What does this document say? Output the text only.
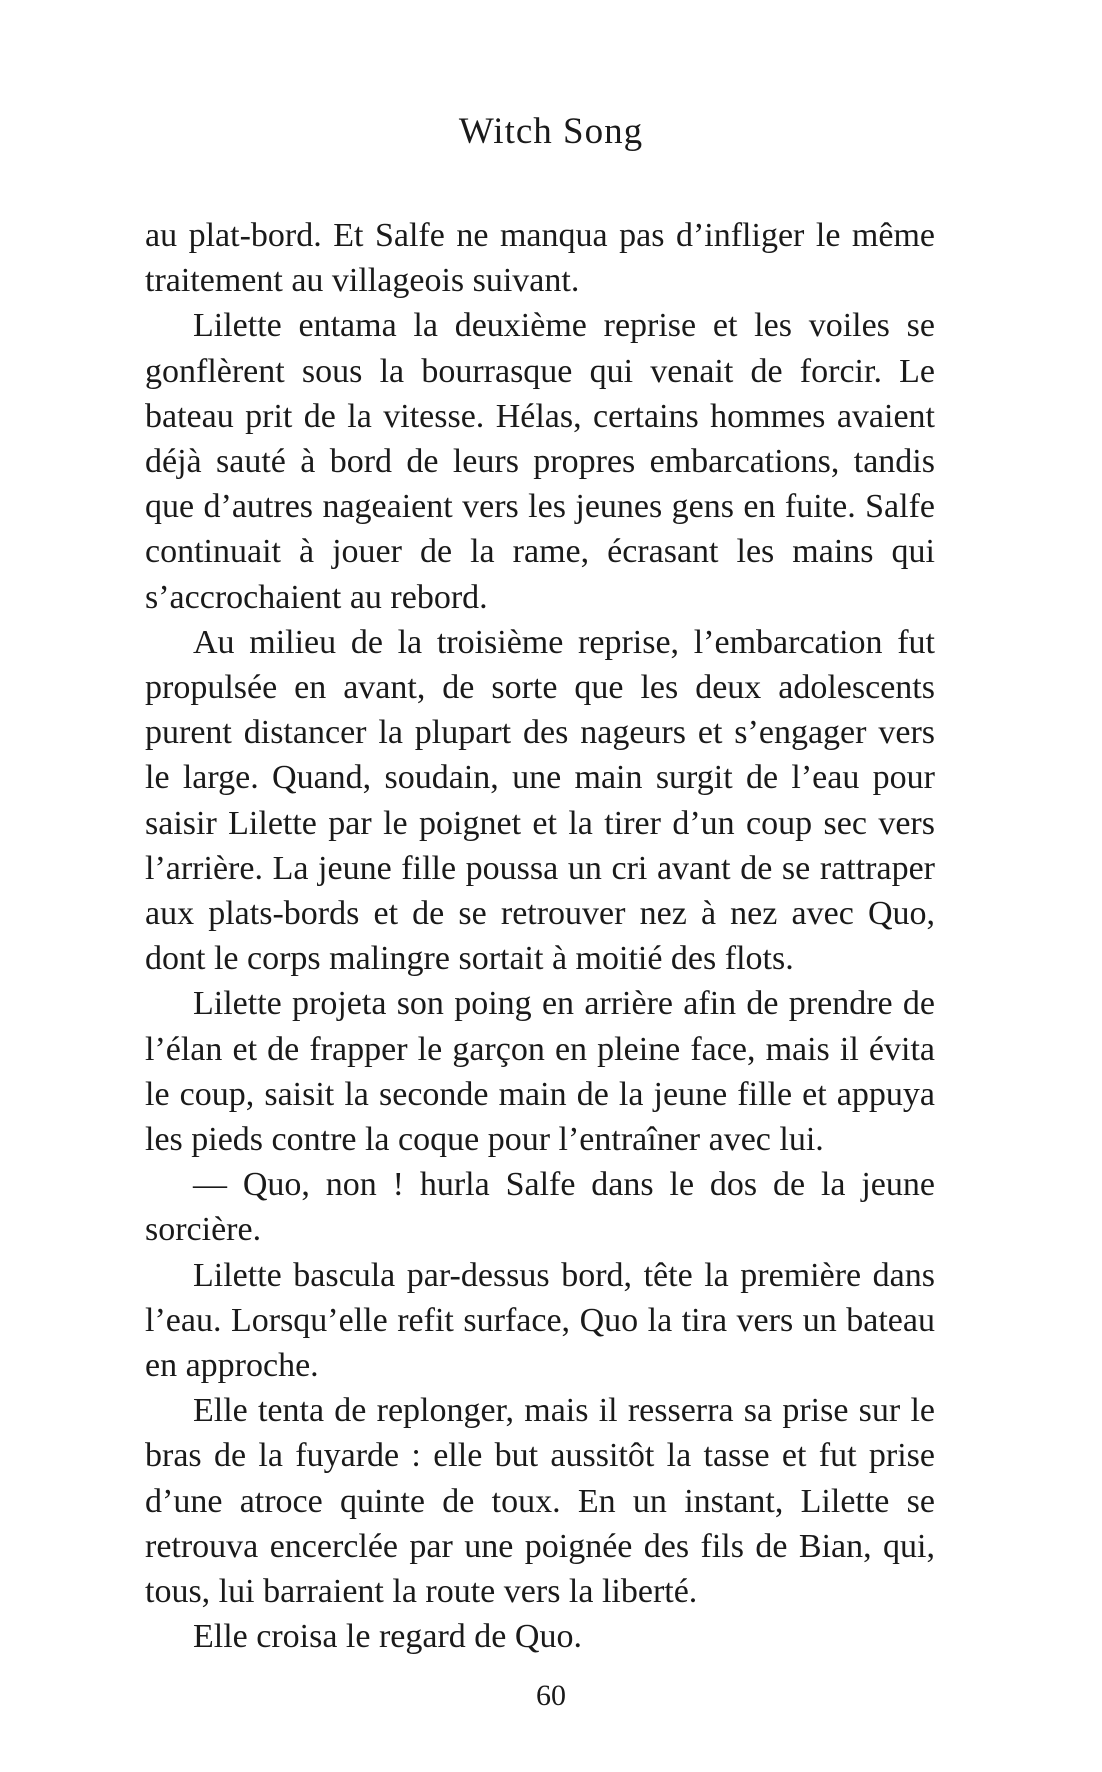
Witch Song

au plat-bord. Et Salfe ne manqua pas d’infliger le même traitement au villageois suivant.

Lilette entama la deuxième reprise et les voiles se gonflèrent sous la bourrasque qui venait de forcir. Le bateau prit de la vitesse. Hélas, certains hommes avaient déjà sauté à bord de leurs propres embarcations, tandis que d’autres nageaient vers les jeunes gens en fuite. Salfe continuait à jouer de la rame, écrasant les mains qui s’accrochaient au rebord.

Au milieu de la troisième reprise, l’embarcation fut propulsée en avant, de sorte que les deux adolescents purent distancer la plupart des nageurs et s’engager vers le large. Quand, soudain, une main surgit de l’eau pour saisir Lilette par le poignet et la tirer d’un coup sec vers l’arrière. La jeune fille poussa un cri avant de se rattraper aux plats-bords et de se retrouver nez à nez avec Quo, dont le corps malingre sortait à moitié des flots.

Lilette projeta son poing en arrière afin de prendre de l’élan et de frapper le garçon en pleine face, mais il évita le coup, saisit la seconde main de la jeune fille et appuya les pieds contre la coque pour l’entraîner avec lui.

— Quo, non ! hurla Salfe dans le dos de la jeune sorcière.

Lilette bascula par-dessus bord, tête la première dans l’eau. Lorsqu’elle refit surface, Quo la tira vers un bateau en approche.

Elle tenta de replonger, mais il resserra sa prise sur le bras de la fuyarde : elle but aussitôt la tasse et fut prise d’une atroce quinte de toux. En un instant, Lilette se retrouva encerclée par une poignée des fils de Bian, qui, tous, lui barraient la route vers la liberté.

Elle croisa le regard de Quo.

60
